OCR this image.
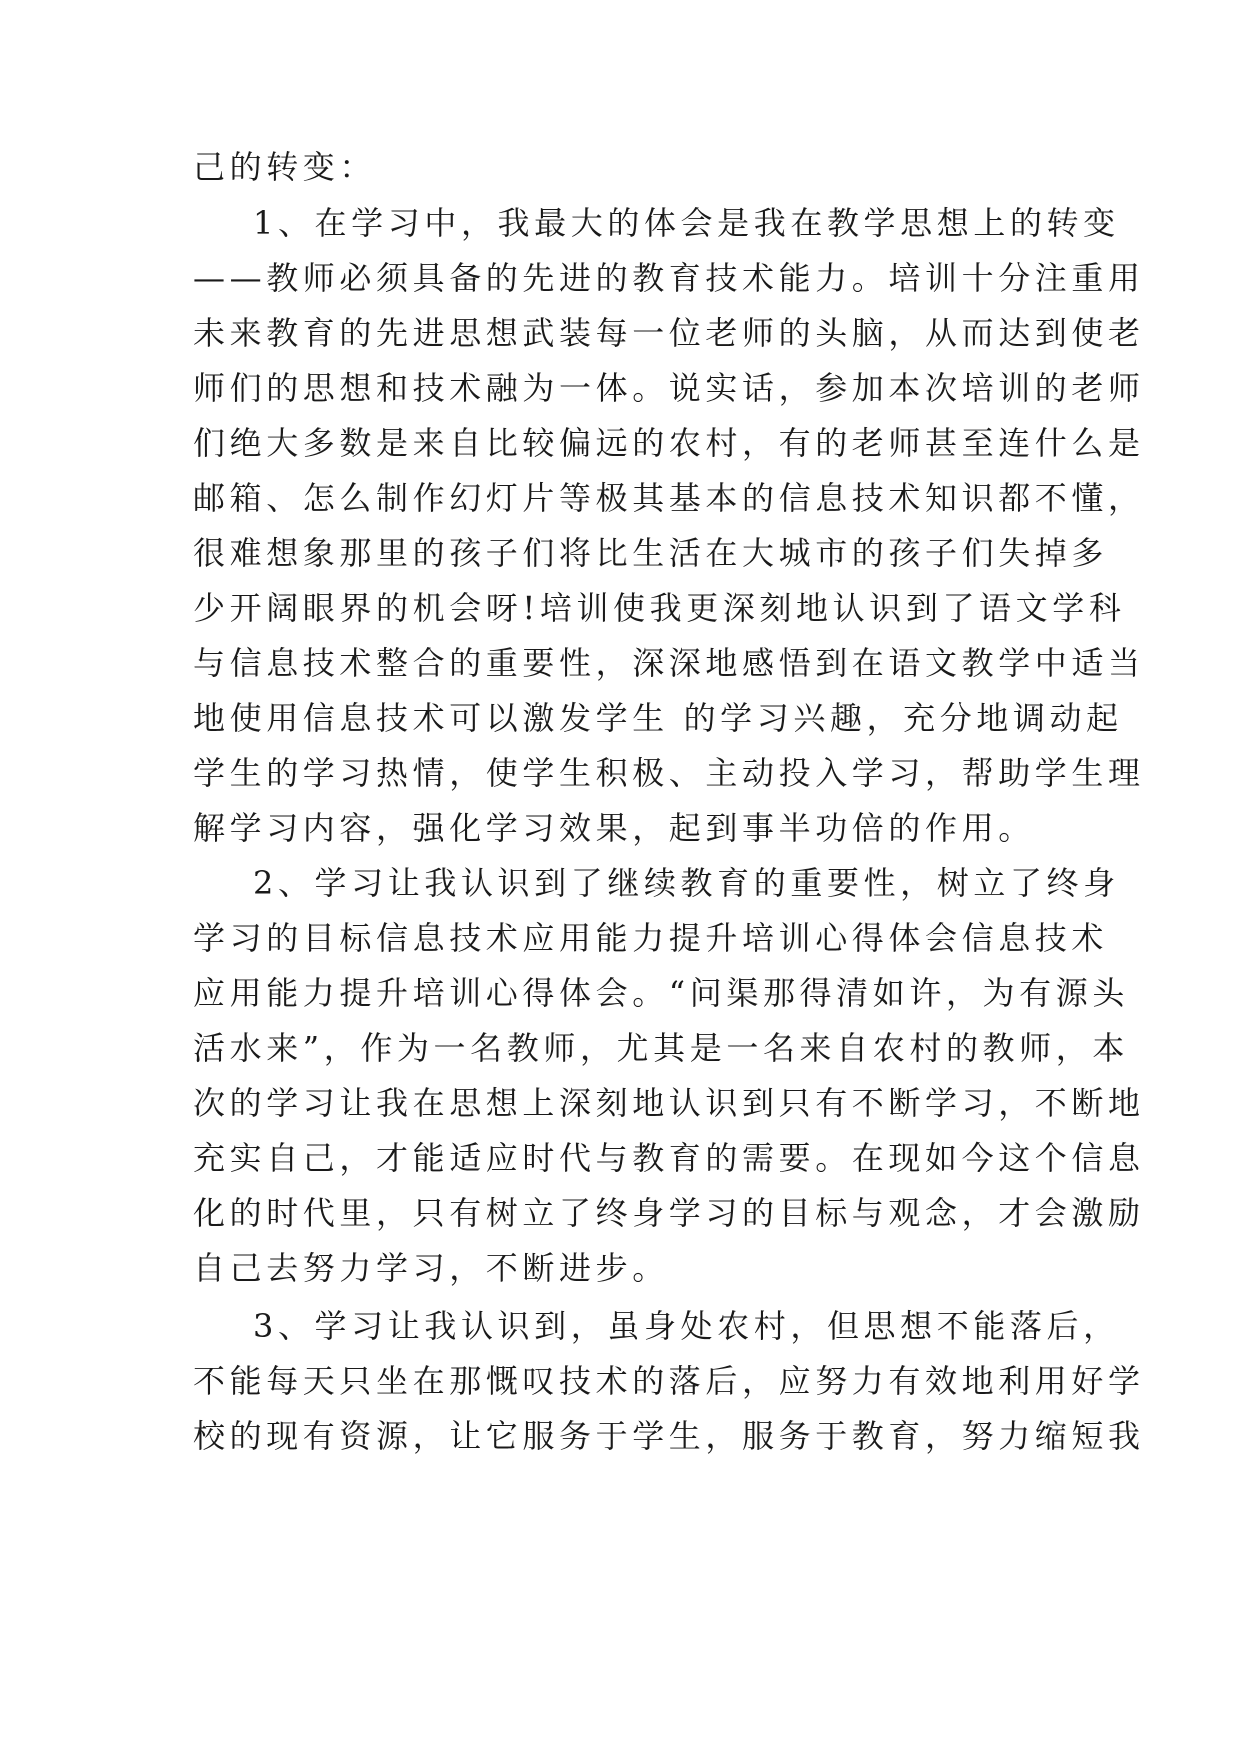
己的转变：
1、在学习中，我最大的体会是我在教学思想上的转变
——教师必须具备的先进的教育技术能力。培训十分注重用
未来教育的先进思想武装每一位老师的头脑，从而达到使老
师们的思想和技术融为一体。说实话，参加本次培训的老师
们绝大多数是来自比较偏远的农村，有的老师甚至连什么是
邮箱、怎么制作幻灯片等极其基本的信息技术知识都不懂，
很难想象那里的孩子们将比生活在大城市的孩子们失掉多
少开阔眼界的机会呀!培训使我更深刻地认识到了语文学科
与信息技术整合的重要性，深深地感悟到在语文教学中适当
地使用信息技术可以激发学生 的学习兴趣，充分地调动起
学生的学习热情，使学生积极、主动投入学习，帮助学生理
解学习内容，强化学习效果，起到事半功倍的作用。
2、学习让我认识到了继续教育的重要性，树立了终身
学习的目标信息技术应用能力提升培训心得体会信息技术
应用能力提升培训心得体会。“问渠那得清如许，为有源头
活水来”，作为一名教师，尤其是一名来自农村的教师，本
次的学习让我在思想上深刻地认识到只有不断学习，不断地
充实自己，才能适应时代与教育的需要。在现如今这个信息
化的时代里，只有树立了终身学习的目标与观念，才会激励
自己去努力学习，不断进步。
3、学习让我认识到，虽身处农村，但思想不能落后，
不能每天只坐在那慨叹技术的落后，应努力有效地利用好学
校的现有资源，让它服务于学生，服务于教育，努力缩短我
